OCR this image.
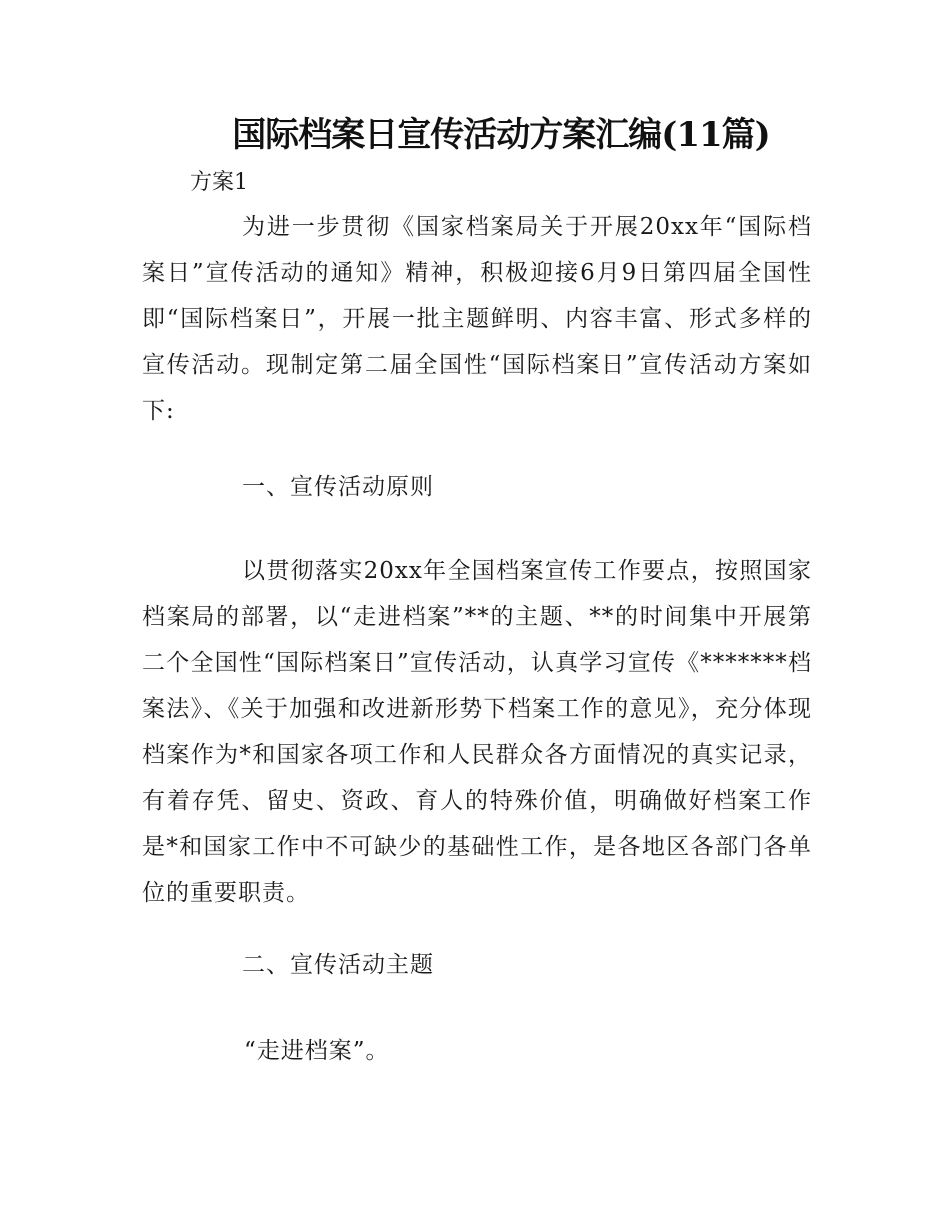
国际档案日宣传活动方案汇编(11篇)

方案1

为进一步贯彻《国家档案局关于开展20xx年“国际档案日”宣传活动的通知》精神，积极迎接6月9日第四届全国性即“国际档案日”，开展一批主题鲜明、内容丰富、形式多样的宣传活动。现制定第二届全国性“国际档案日”宣传活动方案如下:

一、宣传活动原则

以贯彻落实20xx年全国档案宣传工作要点，按照国家档案局的部署，以“走进档案”**的主题、**的时间集中开展第二个全国性“国际档案日”宣传活动，认真学习宣传《*******档案法》、《关于加强和改进新形势下档案工作的意见》，充分体现档案作为*和国家各项工作和人民群众各方面情况的真实记录，有着存凭、留史、资政、育人的特殊价值，明确做好档案工作是*和国家工作中不可缺少的基础性工作，是各地区各部门各单位的重要职责。

二、宣传活动主题

“走进档案”。
